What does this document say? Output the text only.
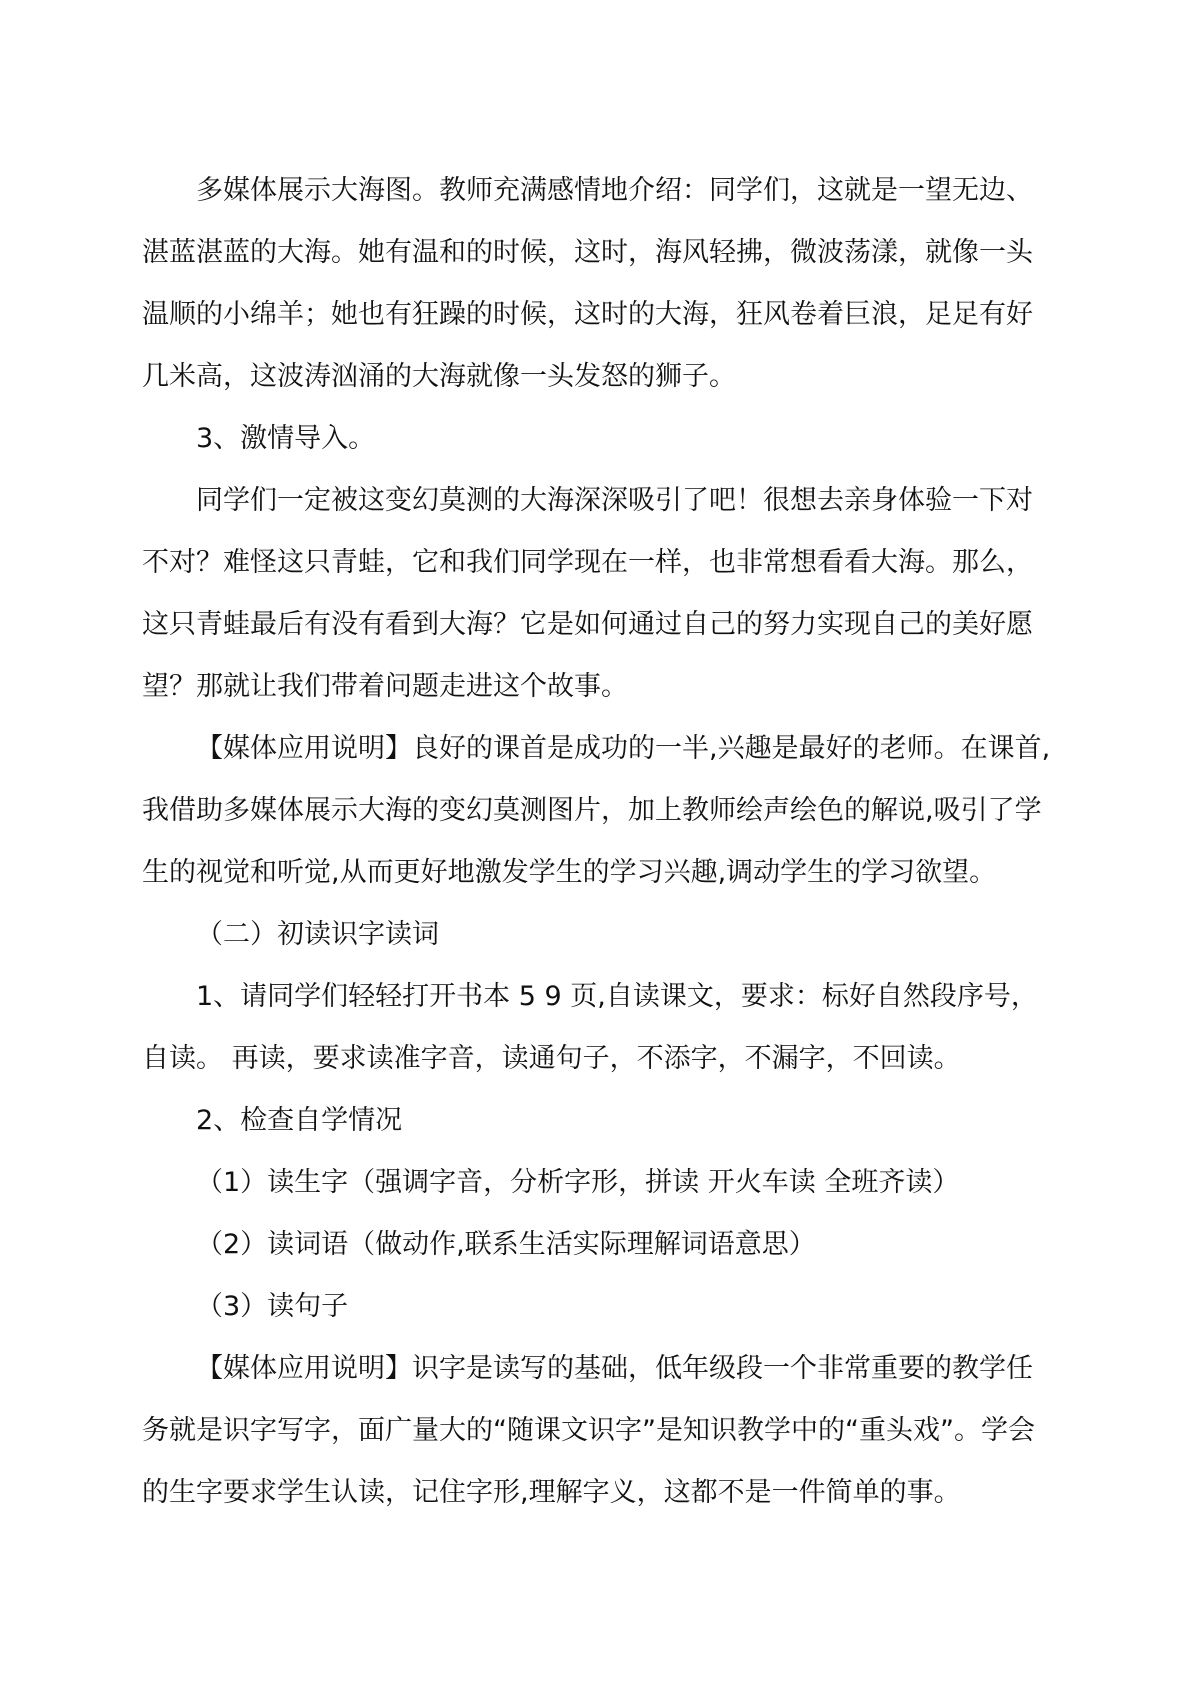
多媒体展示大海图。教师充满感情地介绍：同学们，这就是一望无边、湛蓝湛蓝的大海。她有温和的时候，这时，海风轻拂，微波荡漾，就像一头温顺的小绵羊；她也有狂躁的时候，这时的大海，狂风卷着巨浪，足足有好几米高，这波涛汹涌的大海就像一头发怒的狮子。

3、激情导入。

同学们一定被这变幻莫测的大海深深吸引了吧！很想去亲身体验一下对不对？难怪这只青蛙，它和我们同学现在一样，也非常想看看大海。那么，这只青蛙最后有没有看到大海？它是如何通过自己的努力实现自己的美好愿望？那就让我们带着问题走进这个故事。

【媒体应用说明】良好的课首是成功的一半,兴趣是最好的老师。在课首,我借助多媒体展示大海的变幻莫测图片，加上教师绘声绘色的解说,吸引了学生的视觉和听觉,从而更好地激发学生的学习兴趣,调动学生的学习欲望。

（二）初读识字读词

1、请同学们轻轻打开书本 5 9 页,自读课文，要求：标好自然段序号，自读。 再读，要求读准字音，读通句子，不添字，不漏字，不回读。

2、检查自学情况

（1）读生字（强调字音，分析字形，拼读 开火车读 全班齐读）

（2）读词语（做动作,联系生活实际理解词语意思）

（3）读句子

【媒体应用说明】识字是读写的基础，低年级段一个非常重要的教学任务就是识字写字，面广量大的“随课文识字”是知识教学中的“重头戏”。学会的生字要求学生认读，记住字形,理解字义，这都不是一件简单的事。
